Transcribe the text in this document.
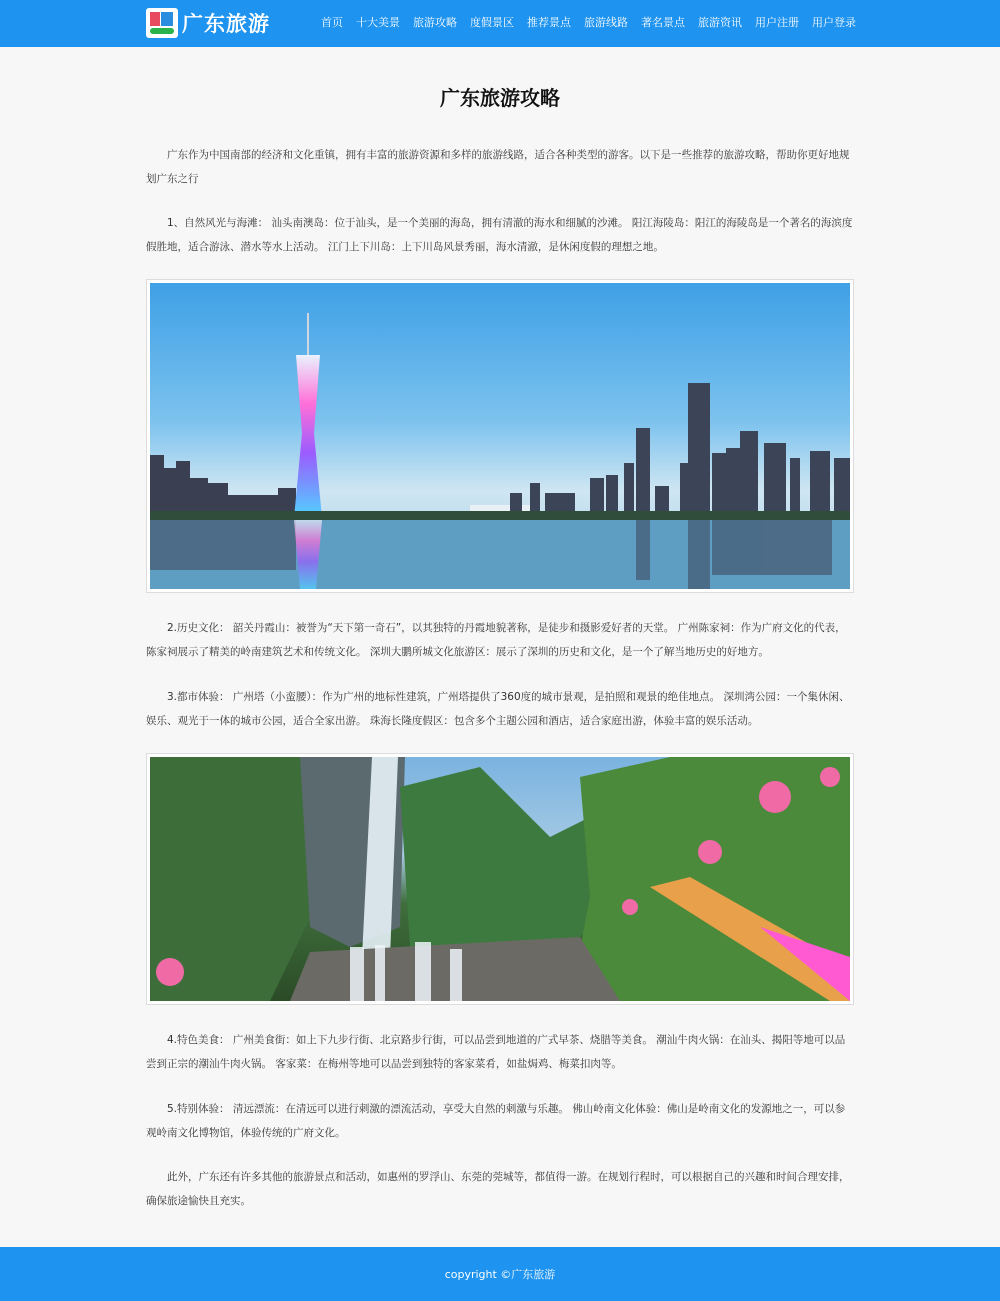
广东旅游	首页 十大美景 旅游攻略 度假景区 推荐景点 旅游线路 著名景点 旅游资讯 用户注册 用户登录
广东旅游攻略

广东作为中国南部的经济和文化重镇，拥有丰富的旅游资源和多样的旅游线路，适合各种类型的游客。以下是一些推荐的旅游攻略，帮助你更好地规划广东之行

1、自然风光与海滩： 汕头南澳岛：位于汕头，是一个美丽的海岛，拥有清澈的海水和细腻的沙滩。 阳江海陵岛：阳江的海陵岛是一个著名的海滨度假胜地，适合游泳、潜水等水上活动。 江门上下川岛：上下川岛风景秀丽，海水清澈，是休闲度假的理想之地。

2.历史文化： 韶关丹霞山：被誉为“天下第一奇石”，以其独特的丹霞地貌著称，是徒步和摄影爱好者的天堂。 广州陈家祠：作为广府文化的代表，陈家祠展示了精美的岭南建筑艺术和传统文化。 深圳大鹏所城文化旅游区：展示了深圳的历史和文化，是一个了解当地历史的好地方。

3.都市体验： 广州塔（小蛮腰）：作为广州的地标性建筑，广州塔提供了360度的城市景观，是拍照和观景的绝佳地点。 深圳湾公园：一个集休闲、娱乐、观光于一体的城市公园，适合全家出游。 珠海长隆度假区：包含多个主题公园和酒店，适合家庭出游，体验丰富的娱乐活动。

4.特色美食： 广州美食街：如上下九步行街、北京路步行街，可以品尝到地道的广式早茶、烧腊等美食。 潮汕牛肉火锅：在汕头、揭阳等地可以品尝到正宗的潮汕牛肉火锅。 客家菜：在梅州等地可以品尝到独特的客家菜肴，如盐焗鸡、梅菜扣肉等。

5.特别体验： 清远漂流：在清远可以进行刺激的漂流活动，享受大自然的刺激与乐趣。 佛山岭南文化体验：佛山是岭南文化的发源地之一，可以参观岭南文化博物馆，体验传统的广府文化。

此外，广东还有许多其他的旅游景点和活动，如惠州的罗浮山、东莞的莞城等，都值得一游。在规划行程时，可以根据自己的兴趣和时间合理安排，确保旅途愉快且充实。

copyright ©广东旅游
